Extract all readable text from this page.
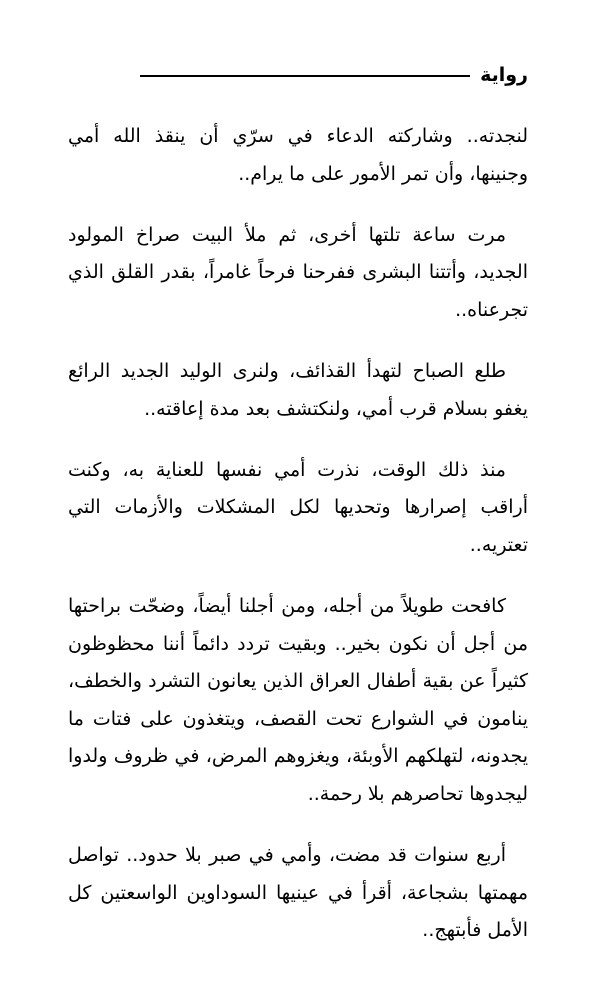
رواية

لنجدته.. وشاركته الدعاء في سرّي أن ينقذ الله أمي وجنينها، وأن تمر الأمور على ما يرام..

مرت ساعة تلتها أخرى، ثم ملأ البيت صراخ المولود الجديد، وأتتنا البشرى ففرحنا فرحاً غامراً، بقدر القلق الذي تجرعناه..

طلع الصباح لتهدأ القذائف، ولنرى الوليد الجديد الرائع يغفو بسلام قرب أمي، ولنكتشف بعد مدة إعاقته..

منذ ذلك الوقت، نذرت أمي نفسها للعناية به، وكنت أراقب إصرارها وتحديها لكل المشكلات والأزمات التي تعتريه..

كافحت طويلاً من أجله، ومن أجلنا أيضاً، وضحّت براحتها من أجل أن نكون بخير.. وبقيت تردد دائماً أننا محظوظون كثيراً عن بقية أطفال العراق الذين يعانون التشرد والخطف، ينامون في الشوارع تحت القصف، ويتغذون على فتات ما يجدونه، لتهلكهم الأوبئة، ويغزوهم المرض، في ظروف ولدوا ليجدوها تحاصرهم بلا رحمة..

أربع سنوات قد مضت، وأمي في صبر بلا حدود.. تواصل مهمتها بشجاعة، أقرأ في عينيها السوداوين الواسعتين كل الأمل فأبتهج..
